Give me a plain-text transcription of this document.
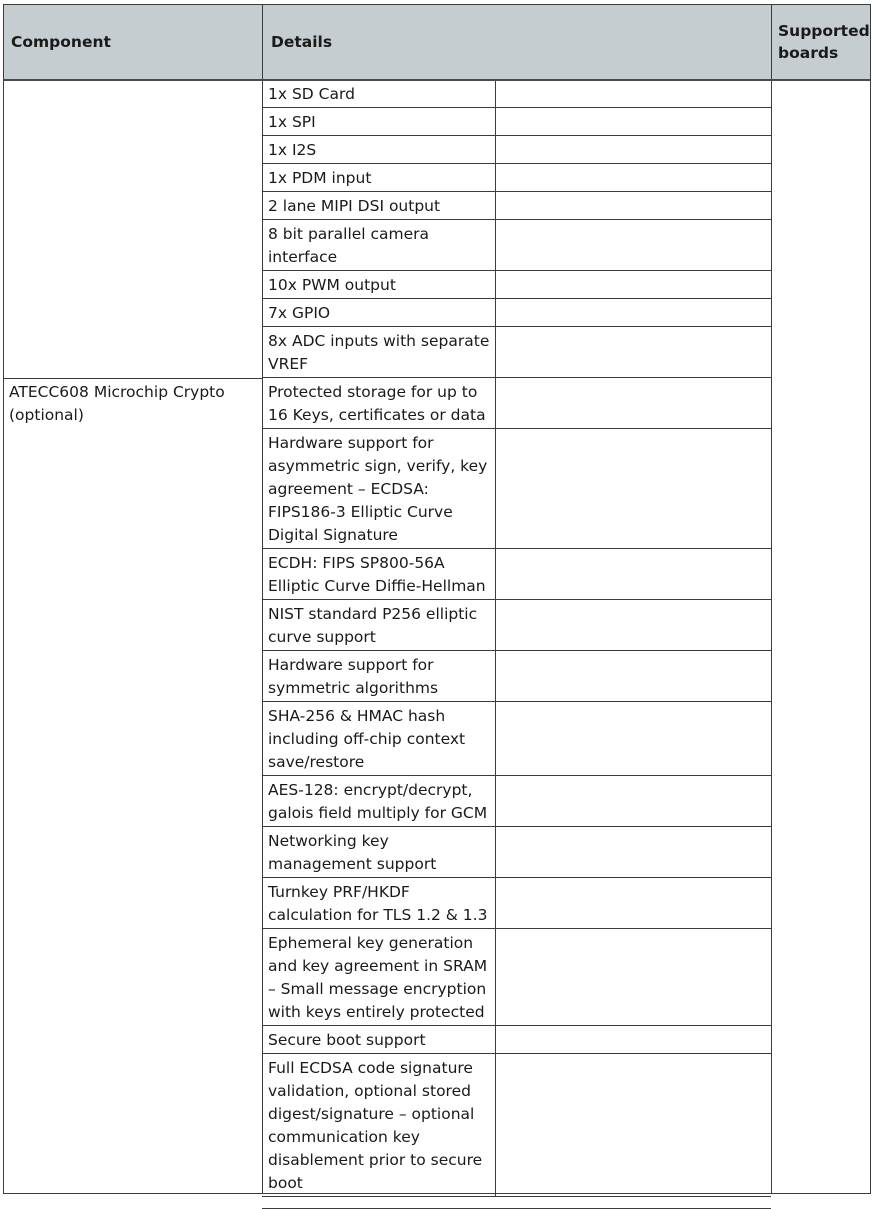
Component	Details
Supported
boards
1x SD Card
1x SPI
1x I2S
1x PDM input
2 lane MIPI DSI output
8 bit parallel camera
interface
10x PWM output
7x GPIO
8x ADC inputs with separate
VREF
ATECC608 Microchip Crypto
(optional)
Protected storage for up to
16 Keys, certificates or data
Hardware support for
asymmetric sign, verify, key
agreement – ECDSA:
FIPS186-3 Elliptic Curve
Digital Signature
ECDH: FIPS SP800-56A
Elliptic Curve Diffie-Hellman
NIST standard P256 elliptic
curve support
Hardware support for
symmetric algorithms
SHA-256 & HMAC hash
including off-chip context
save/restore
AES-128: encrypt/decrypt,
galois field multiply for GCM
Networking key
management support
Turnkey PRF/HKDF
calculation for TLS 1.2 & 1.3
Ephemeral key generation
and key agreement in SRAM
– Small message encryption
with keys entirely protected
Secure boot support
Full ECDSA code signature
validation, optional stored
digest/signature – optional
communication key
disablement prior to secure
boot
